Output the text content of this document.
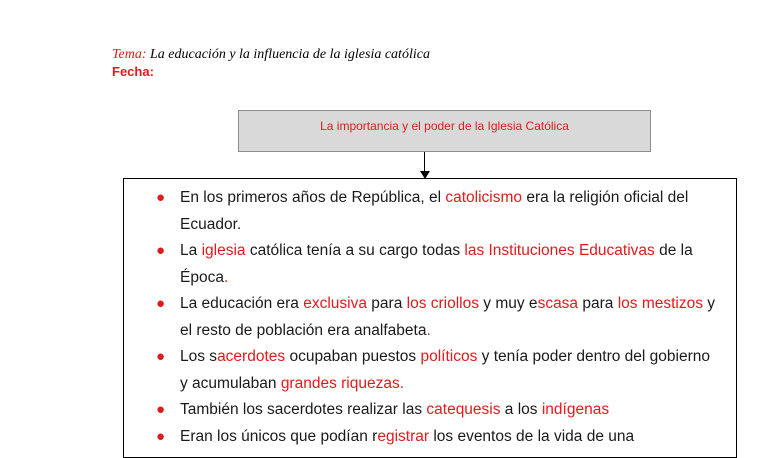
Tema: La educación y la influencia de la iglesia católica
Fecha:
La importancia y el poder de la Iglesia Católica
● En los primeros años de República, el catolicismo era la religión oficial del Ecuador.
● La iglesia católica tenía a su cargo todas las Instituciones Educativas de la Época.
● La educación era exclusiva para los criollos y muy escasa para los mestizos y el resto de población era analfabeta.
● Los sacerdotes ocupaban puestos políticos y tenía poder dentro del gobierno y acumulaban grandes riquezas.
● También los sacerdotes realizar las catequesis a los indígenas
● Eran los únicos que podían registrar los eventos de la vida de una
